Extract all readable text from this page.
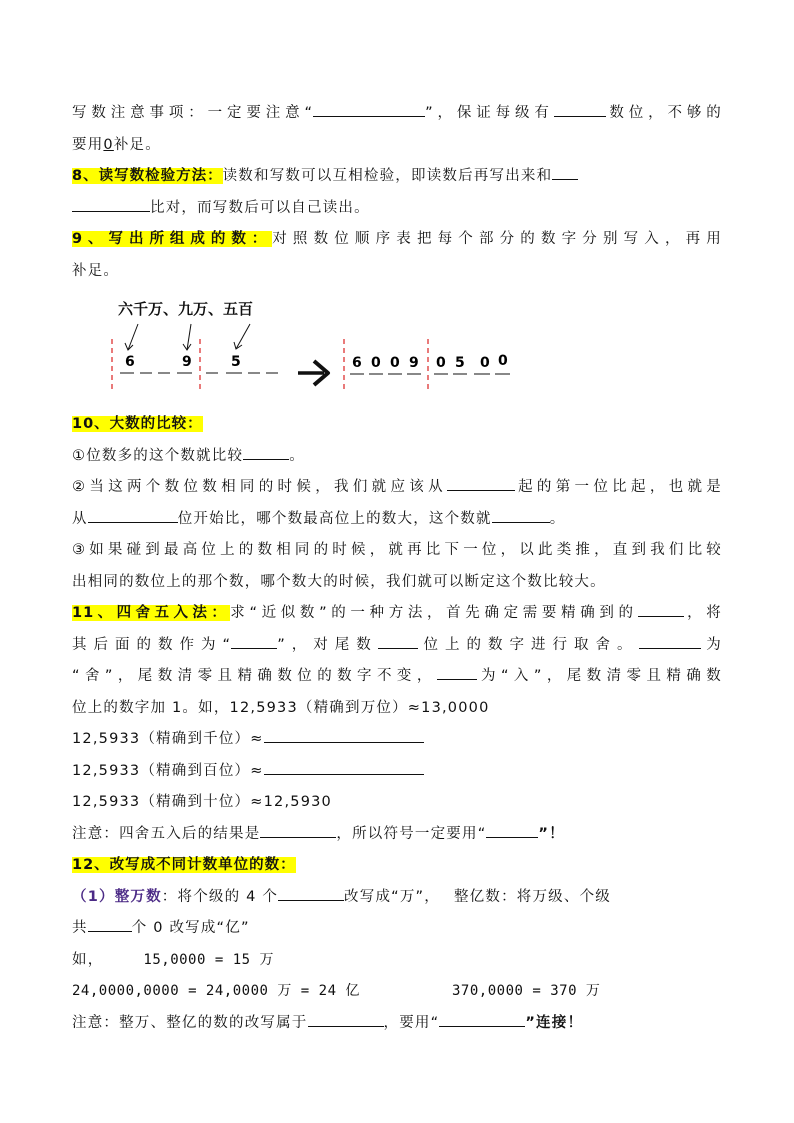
写数注意事项：一定要注意“	”，保证每级有	数位，不够的
要用0补足。
8、读写数检验方法：读数和写数可以互相检验，即读数后再写出来和
比对，而写数后可以自己读出。
9、写出所组成的数：对照数位顺序表把每个部分的数字分别写入，再用
补足。
六千万、九万、五百
6	9	5	6 0 0 9 0 5 0 0
10、大数的比较：
①位数多的这个数就比较	。
②当这两个数位数相同的时候，我们就应该从	起的第一位比起，也就是
从	位开始比，哪个数最高位上的数大，这个数就	。
③如果碰到最高位上的数相同的时候，就再比下一位，以此类推，直到我们比较
出相同的数位上的那个数，哪个数大的时候，我们就可以断定这个数比较大。
11、四舍五入法：求“近似数”的一种方法，首先确定需要精确到的	，将
其后面的数作为“	”，对尾数	位上的数字进行取舍。	为
“舍”，尾数清零且精确数位的数字不变，	为“入”，尾数清零且精确数
位上的数字加 1。如，12,5933（精确到万位）≈13,0000
12,5933（精确到千位）≈
12,5933（精确到百位）≈
12,5933（精确到十位）≈12,5930
注意：四舍五入后的结果是	，所以符号一定要用“	”！
12、改写成不同计数单位的数：
（1）整万数：将个级的 4 个	改写成“万”， 整亿数：将万级、个级
共	个 0 改写成“亿”
如，	15,0000 = 15 万
24,0000,0000 = 24,0000 万 = 24 亿	370,0000 = 370 万
注意：整万、整亿的数的改写属于	，要用“	”连接！
